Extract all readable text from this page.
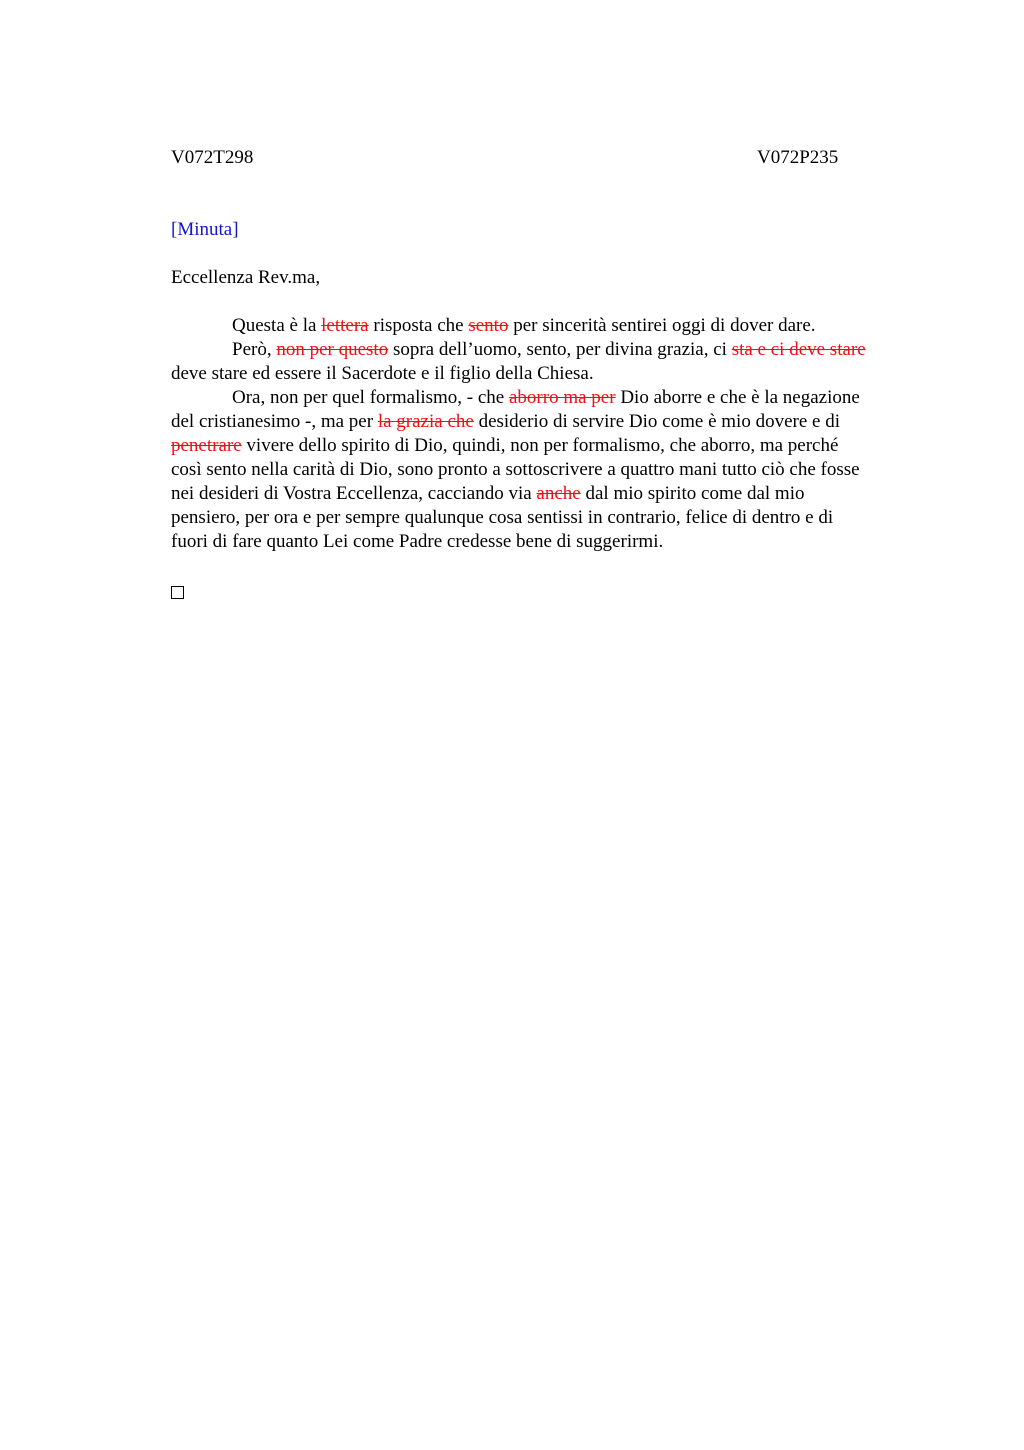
V072T298	V072P235
[Minuta]
Eccellenza Rev.ma,
Questa è la lettera risposta che sento per sincerità sentirei oggi di dover dare.
Però, non per questo sopra dell’uomo, sento, per divina grazia, ci sta e ci deve stare
deve stare ed essere il Sacerdote e il figlio della Chiesa.
Ora, non per quel formalismo, - che aborro ma per Dio aborre e che è la negazione
del cristianesimo -, ma per la grazia che desiderio di servire Dio come è mio dovere e di
penetrare vivere dello spirito di Dio, quindi, non per formalismo, che aborro, ma perché
così sento nella carità di Dio, sono pronto a sottoscrivere a quattro mani tutto ciò che fosse
nei desideri di Vostra Eccellenza, cacciando via anche dal mio spirito come dal mio
pensiero, per ora e per sempre qualunque cosa sentissi in contrario, felice di dentro e di
fuori di fare quanto Lei come Padre credesse bene di suggerirmi.
